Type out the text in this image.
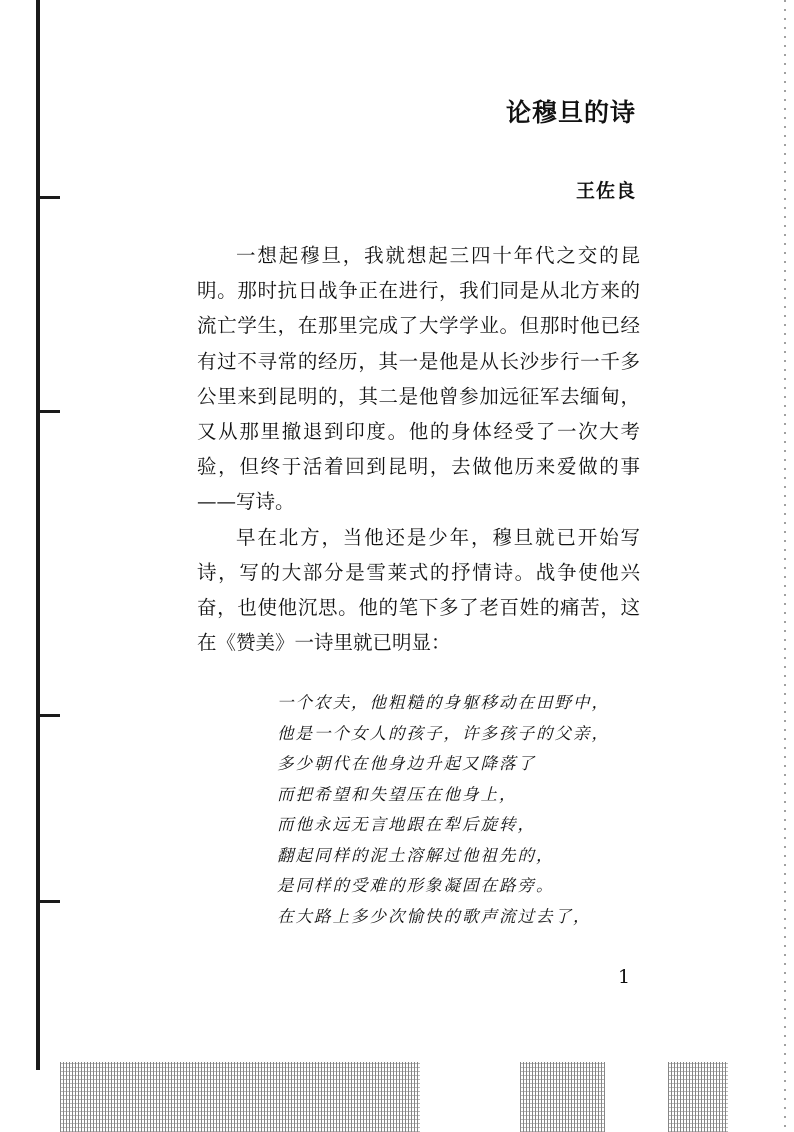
论穆旦的诗
王佐良

一想起穆旦，我就想起三四十年代之交的昆明。那时抗日战争正在进行，我们同是从北方来的流亡学生，在那里完成了大学学业。但那时他已经有过不寻常的经历，其一是他是从长沙步行一千多公里来到昆明的，其二是他曾参加远征军去缅甸，又从那里撤退到印度。他的身体经受了一次大考验，但终于活着回到昆明，去做他历来爱做的事——写诗。

早在北方，当他还是少年，穆旦就已开始写诗，写的大部分是雪莱式的抒情诗。战争使他兴奋，也使他沉思。他的笔下多了老百姓的痛苦，这在《赞美》一诗里就已明显：

一个农夫，他粗糙的身躯移动在田野中，
他是一个女人的孩子，许多孩子的父亲，
多少朝代在他身边升起又降落了
而把希望和失望压在他身上，
而他永远无言地跟在犁后旋转，
翻起同样的泥土溶解过他祖先的，
是同样的受难的形象凝固在路旁。
在大路上多少次愉快的歌声流过去了，
1
